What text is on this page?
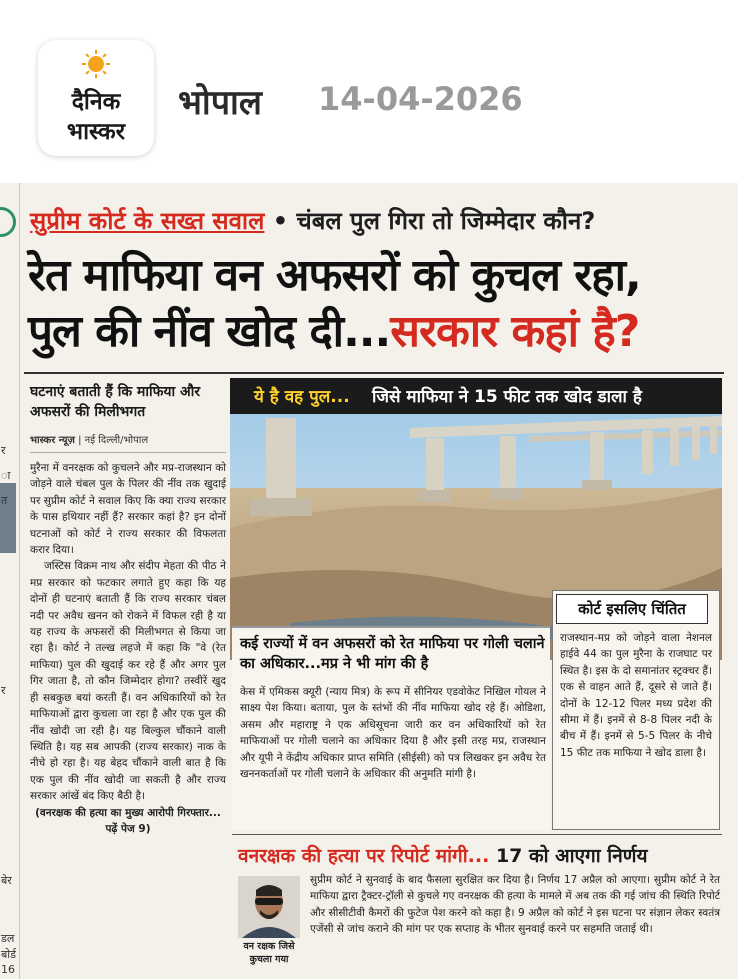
दैनिक
भास्कर
भोपाल 14-04-2026
र
ा
त
र
बेर
डल
बोर्ड
16
सुप्रीम कोर्ट के सख्त सवाल • चंबल पुल गिरा तो जिम्मेदार कौन?
रेत माफिया वन अफसरों को कुचल रहा,
पुल की नींव खोद दी...सरकार कहां है?
घटनाएं बताती हैं कि माफिया और अफसरों की मिलीभगत
भास्कर न्यूज़ | नई दिल्ली/भोपाल

मुरैना में वनरक्षक को कुचलने और मप्र-राजस्थान को जोड़ने वाले चंबल पुल के पिलर की नींव तक खुदाई पर सुप्रीम कोर्ट ने सवाल किए कि क्या राज्य सरकार के पास हथियार नहीं हैं? सरकार कहां है? इन दोनों घटनाओं को कोर्ट ने राज्य सरकार की विफलता करार दिया।

जस्टिस विक्रम नाथ और संदीप मेहता की पीठ ने मप्र सरकार को फटकार लगाते हुए कहा कि यह दोनों ही घटनाएं बताती हैं कि राज्य सरकार चंबल नदी पर अवैध खनन को रोकने में विफल रही है या यह राज्य के अफसरों की मिलीभगत से किया जा रहा है। कोर्ट ने तल्ख लहजे में कहा कि "वे (रेत माफिया) पुल की खुदाई कर रहे हैं और अगर पुल गिर जाता है, तो कौन जिम्मेदार होगा? तस्वीरें खुद ही सबकुछ बयां करती हैं। वन अधिकारियों को रेत माफियाओं द्वारा कुचला जा रहा है और एक पुल की नींव खोदी जा रही है। यह बिल्कुल चौंकाने वाली स्थिति है। यह सब आपकी (राज्य सरकार) नाक के नीचे हो रहा है। यह बेहद चौंकाने वाली बात है कि एक पुल की नींव खोदी जा सकती है और राज्य सरकार आंखें बंद किए बैठी है।

(वनरक्षक की हत्या का मुख्य आरोपी गिरफ्तार... पढ़ें पेज 9)

ये है वह पुल... जिसे माफिया ने 15 फीट तक खोद डाला है
कई राज्यों में वन अफसरों को रेत माफिया पर गोली चलाने का अधिकार...मप्र ने भी मांग की है
केस में एमिकस क्यूरी (न्याय मित्र) के रूप में सीनियर एडवोकेट निखिल गोयल ने साक्ष्य पेश किया। बताया, पुल के स्तंभों की नींव माफिया खोद रहे हैं। ओडिशा, असम और महाराष्ट्र ने एक अधिसूचना जारी कर वन अधिकारियों को रेत माफियाओं पर गोली चलाने का अधिकार दिया है और इसी तरह मप्र, राजस्थान और यूपी ने केंद्रीय अधिकार प्राप्त समिति (सीईसी) को पत्र लिखकर इन अवैध रेत खननकर्ताओं पर गोली चलाने के अधिकार की अनुमति मांगी है।
कोर्ट इसलिए चिंतित
राजस्थान-मप्र को जोड़ने वाला नेशनल हाईवे 44 का पुल मुरैना के राजघाट पर स्थित है। इस के दो समानांतर स्ट्रक्चर हैं। एक से वाहन आते हैं, दूसरे से जाते हैं। दोनों के 12-12 पिलर मध्य प्रदेश की सीमा में हैं। इनमें से 8-8 पिलर नदी के बीच में हैं। इनमें से 5-5 पिलर के नीचे 15 फीट तक माफिया ने खोद डाला है।
वनरक्षक की हत्या पर रिपोर्ट मांगी... 17 को आएगा निर्णय
वन रक्षक जिसे कुचला गया
सुप्रीम कोर्ट ने सुनवाई के बाद फैसला सुरक्षित कर दिया है। निर्णय 17 अप्रैल को आएगा। सुप्रीम कोर्ट ने रेत माफिया द्वारा ट्रैक्टर-ट्रॉली से कुचले गए वनरक्षक की हत्या के मामले में अब तक की गई जांच की स्थिति रिपोर्ट और सीसीटीवी कैमरों की फुटेज पेश करने को कहा है। 9 अप्रैल को कोर्ट ने इस घटना पर संज्ञान लेकर स्वतंत्र एजेंसी से जांच कराने की मांग पर एक सप्ताह के भीतर सुनवाई करने पर सहमति जताई थी।
